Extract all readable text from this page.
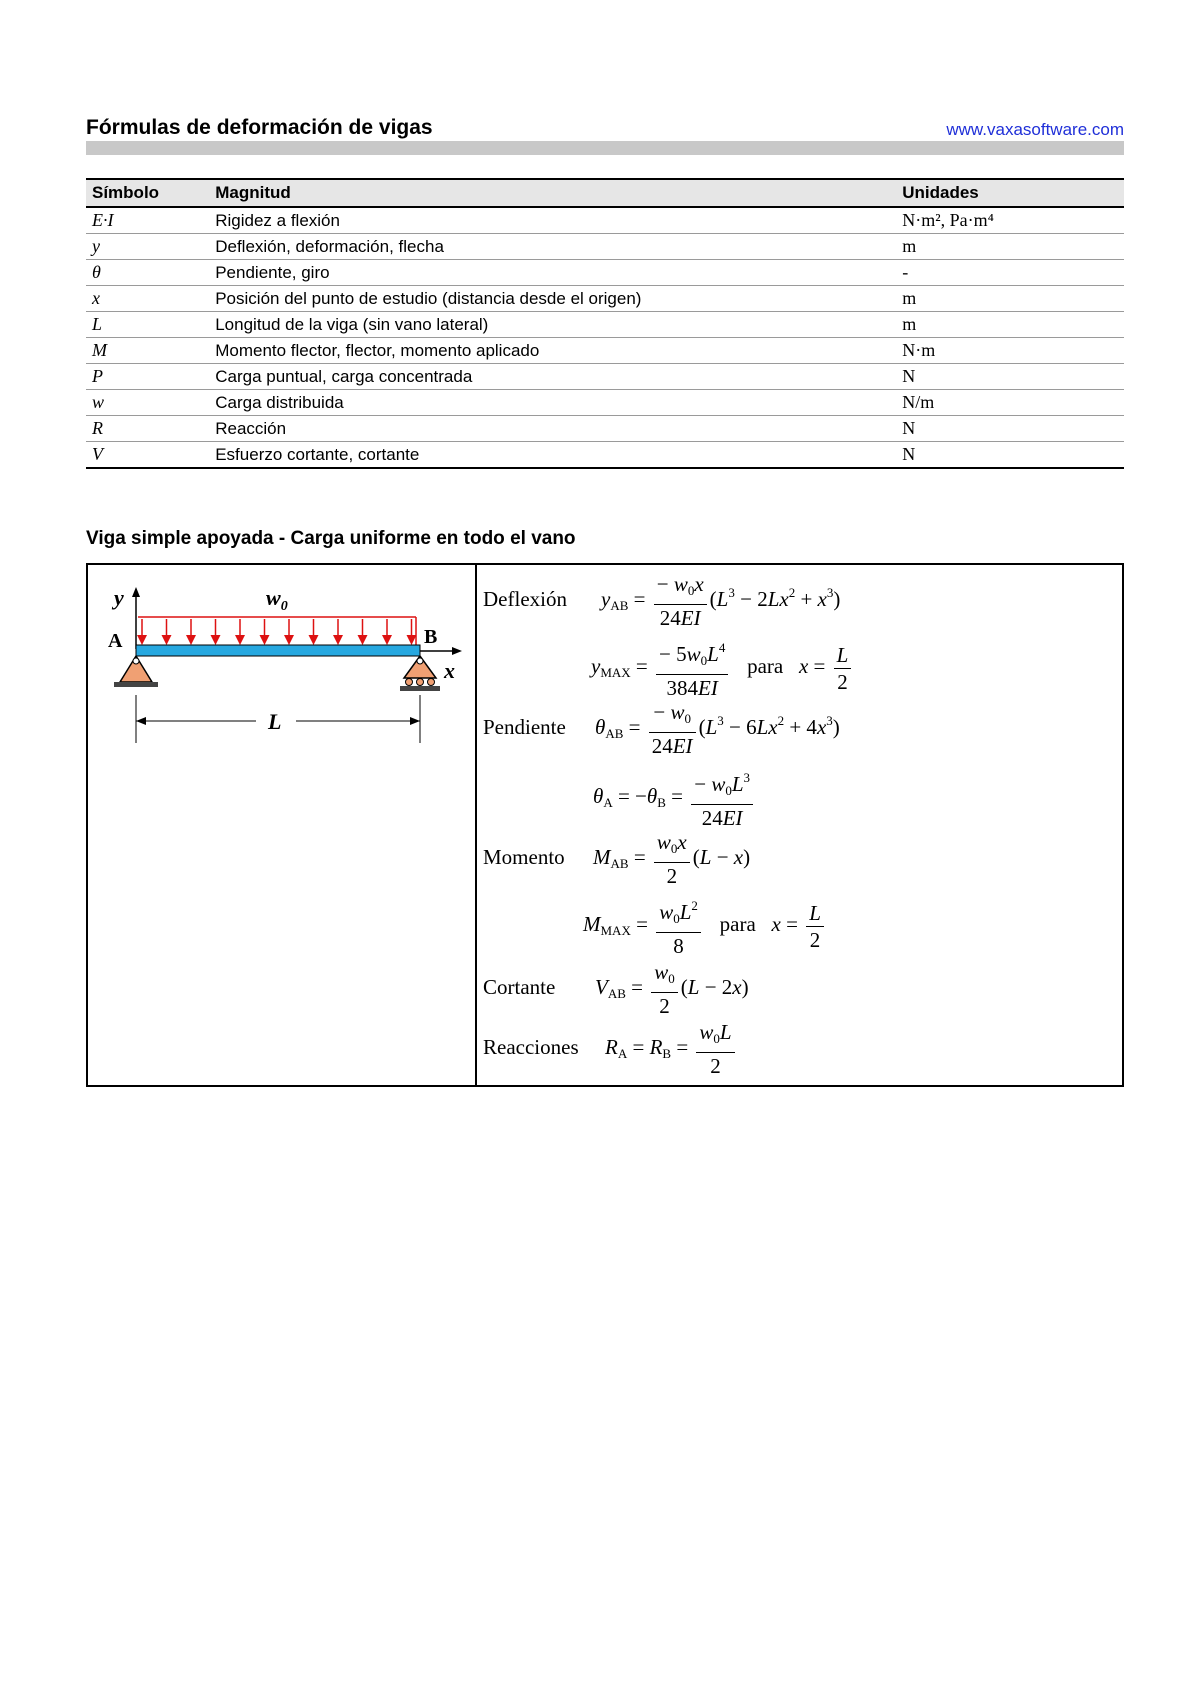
Fórmulas de deformación de vigas	www.vaxasoftware.com
Símbolo	Magnitud	Unidades
E·I	Rigidez a flexión	N·m², Pa·m⁴
y	Deflexión, deformación, flecha	m
θ	Pendiente, giro	-
x	Posición del punto de estudio (distancia desde el origen)	m
L	Longitud de la viga (sin vano lateral)	m
M	Momento flector, flector, momento aplicado	N·m
P	Carga puntual, carga concentrada	N
w	Carga distribuida	N/m
R	Reacción	N
V	Esfuerzo cortante, cortante	N
Viga simple apoyada - Carga uniforme en todo el vano
y	$w_0$
x
A	B
L
Deflexión $y_{AB} = \frac{- w_0x}{24EI} (L^3 - 2Lx^2 + x^3)$
$y_{MAX} = \frac{- 5w_0L^4}{384EI}$ para $x = \frac{L}{2}$
Pendiente $\theta_{AB} = \frac{- w_0}{24EI} (L^3 - 6Lx^2 + 4x^3)$
$\theta_A = -\theta_B = \frac{- w_0L^3}{24EI}$
Momento $M_{AB} = \frac{w_0x}{2} (L - x)$
$M_{MAX} = \frac{w_0L^2}{8}$ para $x = \frac{L}{2}$
Cortante $V_{AB} = \frac{w_0}{2} (L - 2x)$
Reacciones $R_A = R_B = \frac{w_0L}{2}$
